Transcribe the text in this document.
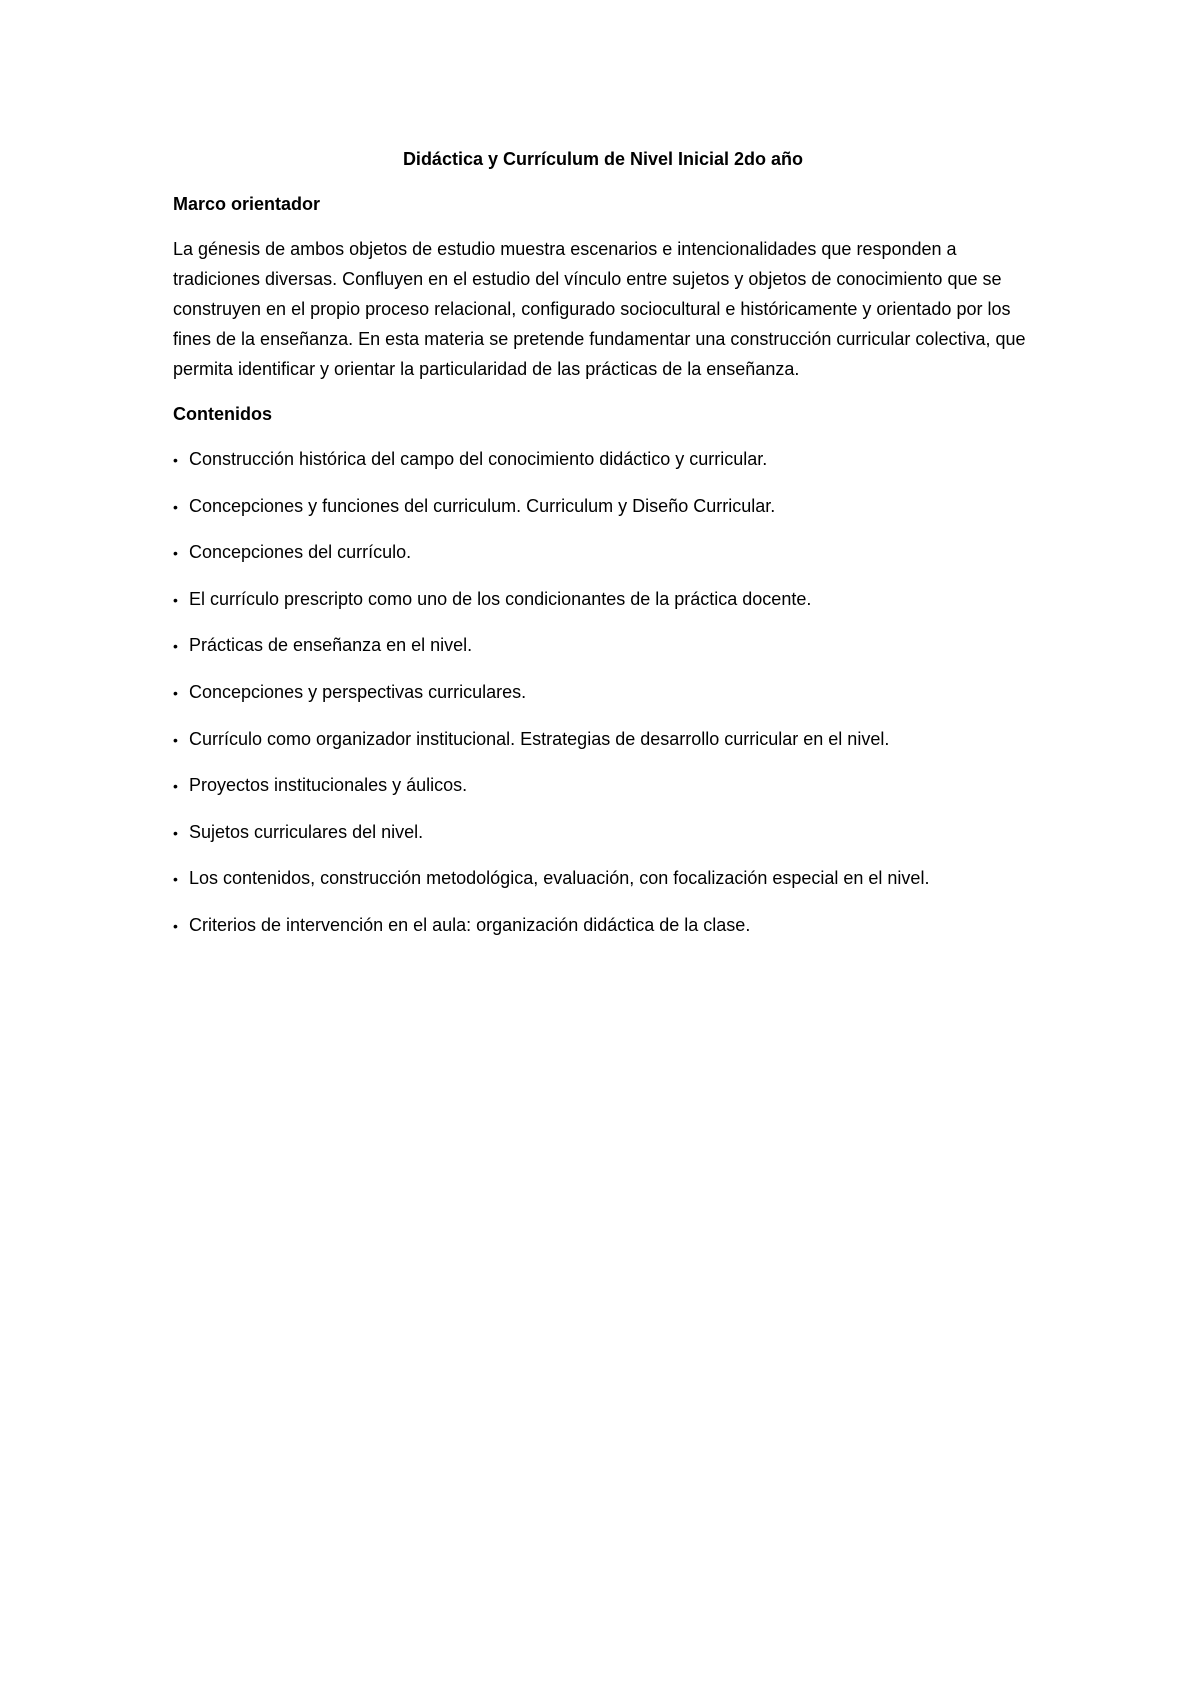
Didáctica y Currículum de Nivel Inicial 2do año
Marco orientador

La génesis de ambos objetos de estudio muestra escenarios e intencionalidades que responden a tradiciones diversas. Confluyen en el estudio del vínculo entre sujetos y objetos de conocimiento que se construyen en el propio proceso relacional, configurado sociocultural e históricamente y orientado por los fines de la enseñanza. En esta materia se pretende fundamentar una construcción curricular colectiva, que permita identificar y orientar la particularidad de las prácticas de la enseñanza.

Contenidos
• Construcción histórica del campo del conocimiento didáctico y curricular.
• Concepciones y funciones del curriculum. Curriculum y Diseño Curricular.
• Concepciones del currículo.
• El currículo prescripto como uno de los condicionantes de la práctica docente.
• Prácticas de enseñanza en el nivel.
• Concepciones y perspectivas curriculares.
• Currículo como organizador institucional. Estrategias de desarrollo curricular en el nivel.
• Proyectos institucionales y áulicos.
• Sujetos curriculares del nivel.
• Los contenidos, construcción metodológica, evaluación, con focalización especial en el nivel.
• Criterios de intervención en el aula: organización didáctica de la clase.
